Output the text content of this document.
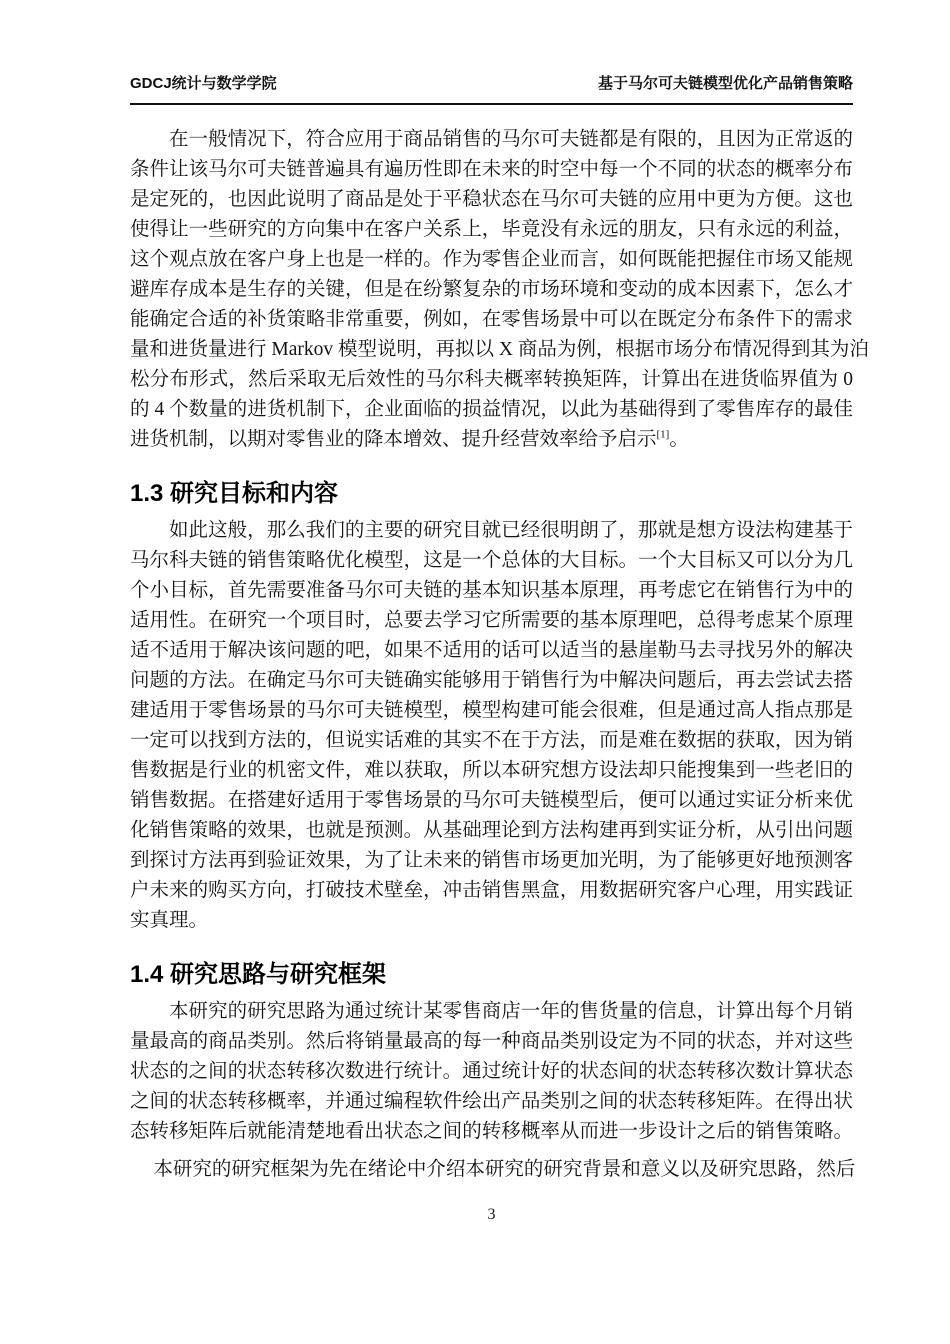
GDCJ统计与数学学院	基于马尔可夫链模型优化产品销售策略
在一般情况下，符合应用于商品销售的马尔可夫链都是有限的，且因为正常返的
条件让该马尔可夫链普遍具有遍历性即在未来的时空中每一个不同的状态的概率分布
是定死的，也因此说明了商品是处于平稳状态在马尔可夫链的应用中更为方便。这也
使得让一些研究的方向集中在客户关系上，毕竟没有永远的朋友，只有永远的利益，
这个观点放在客户身上也是一样的。作为零售企业而言，如何既能把握住市场又能规
避库存成本是生存的关键，但是在纷繁复杂的市场环境和变动的成本因素下，怎么才
能确定合适的补货策略非常重要，例如，在零售场景中可以在既定分布条件下的需求
量和进货量进行 Markov 模型说明，再拟以 X 商品为例，根据市场分布情况得到其为泊
松分布形式，然后采取无后效性的马尔科夫概率转换矩阵，计算出在进货临界值为 0
的 4 个数量的进货机制下，企业面临的损益情况，以此为基础得到了零售库存的最佳
进货机制，以期对零售业的降本增效、提升经营效率给予启示[1]。
1.3 研究目标和内容
如此这般，那么我们的主要的研究目就已经很明朗了，那就是想方设法构建基于
马尔科夫链的销售策略优化模型，这是一个总体的大目标。一个大目标又可以分为几
个小目标，首先需要准备马尔可夫链的基本知识基本原理，再考虑它在销售行为中的
适用性。在研究一个项目时，总要去学习它所需要的基本原理吧，总得考虑某个原理
适不适用于解决该问题的吧，如果不适用的话可以适当的悬崖勒马去寻找另外的解决
问题的方法。在确定马尔可夫链确实能够用于销售行为中解决问题后，再去尝试去搭
建适用于零售场景的马尔可夫链模型，模型构建可能会很难，但是通过高人指点那是
一定可以找到方法的，但说实话难的其实不在于方法，而是难在数据的获取，因为销
售数据是行业的机密文件，难以获取，所以本研究想方设法却只能搜集到一些老旧的
销售数据。在搭建好适用于零售场景的马尔可夫链模型后，便可以通过实证分析来优
化销售策略的效果，也就是预测。从基础理论到方法构建再到实证分析，从引出问题
到探讨方法再到验证效果，为了让未来的销售市场更加光明，为了能够更好地预测客
户未来的购买方向，打破技术壁垒，冲击销售黑盒，用数据研究客户心理，用实践证
实真理。
1.4 研究思路与研究框架
本研究的研究思路为通过统计某零售商店一年的售货量的信息，计算出每个月销
量最高的商品类别。然后将销量最高的每一种商品类别设定为不同的状态，并对这些
状态的之间的状态转移次数进行统计。通过统计好的状态间的状态转移次数计算状态
之间的状态转移概率，并通过编程软件绘出产品类别之间的状态转移矩阵。在得出状
态转移矩阵后就能清楚地看出状态之间的转移概率从而进一步设计之后的销售策略。
本研究的研究框架为先在绪论中介绍本研究的研究背景和意义以及研究思路，然后
3
